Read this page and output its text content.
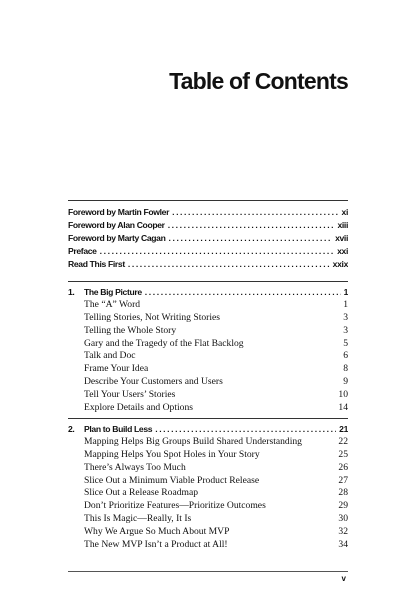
Table of Contents
Foreword by Martin Fowler .....	xi
Foreword by Alan Cooper .....	xiii
Foreword by Marty Cagan .....	xvii
Preface .....	xxi
Read This First .....	xxix
1. The Big Picture .....	1
The “A” Word	1
Telling Stories, Not Writing Stories	3
Telling the Whole Story	3
Gary and the Tragedy of the Flat Backlog	5
Talk and Doc	6
Frame Your Idea	8
Describe Your Customers and Users	9
Tell Your Users’ Stories	10
Explore Details and Options	14
2. Plan to Build Less .....	21
Mapping Helps Big Groups Build Shared Understanding	22
Mapping Helps You Spot Holes in Your Story	25
There’s Always Too Much	26
Slice Out a Minimum Viable Product Release	27
Slice Out a Release Roadmap	28
Don’t Prioritize Features—Prioritize Outcomes	29
This Is Magic—Really, It Is	30
Why We Argue So Much About MVP	32
The New MVP Isn’t a Product at All!	34
v
